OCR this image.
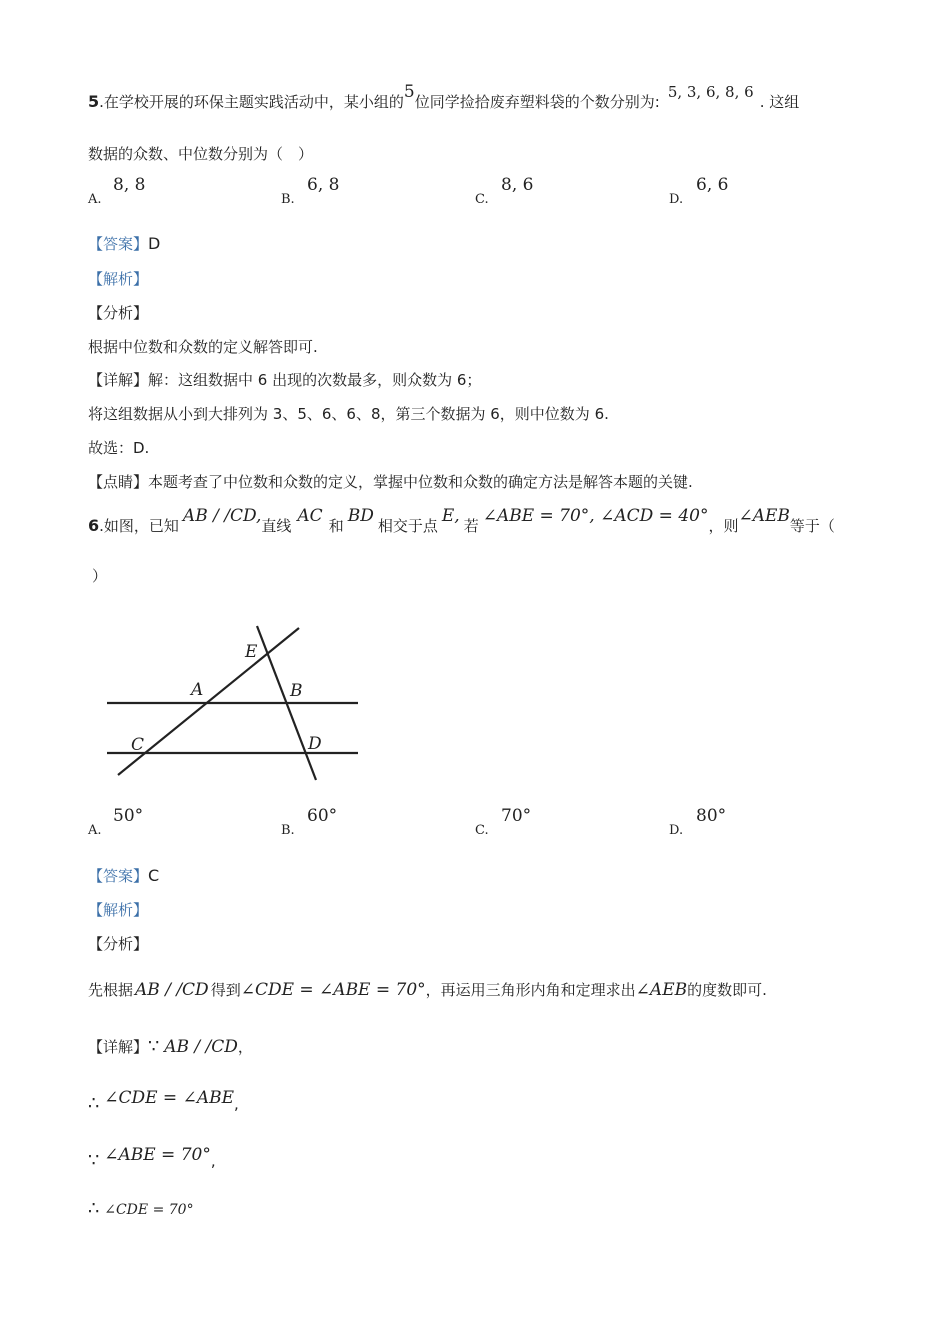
5.在学校开展的环保主题实践活动中，某小组的5位同学捡拾废弃塑料袋的个数分别为:5, 3, 6, 8, 6. 这组
数据的众数、中位数分别为（　）
A.
8, 8
B.
6, 8
C.
8, 6
D.
6, 6
【答案】D
【解析】
【分析】
根据中位数和众数的定义解答即可.
【详解】解：这组数据中 6 出现的次数最多，则众数为 6；
将这组数据从小到大排列为 3、5、6、6、8，第三个数据为 6，则中位数为 6.
故选：D.
【点睛】本题考查了中位数和众数的定义，掌握中位数和众数的确定方法是解答本题的关键.
6.如图，已知 AB / /CD,直线 AC 和 BD 相交于点 E, 若 ∠ABE = 70°, ∠ACD = 40°，则∠AEB等于（
）
E
A	B
C	D
A.
50°
B.
60°
C.
70°
D.
80°
【答案】C
【解析】
【分析】
先根据 AB / /CD 得到∠CDE = ∠ABE = 70°，再运用三角形内角和定理求出∠AEB的度数即可.
【详解】∵ AB / /CD，
∴ ∠CDE = ∠ABE,
∵ ∠ABE = 70°,
∴ ∠CDE = 70°
